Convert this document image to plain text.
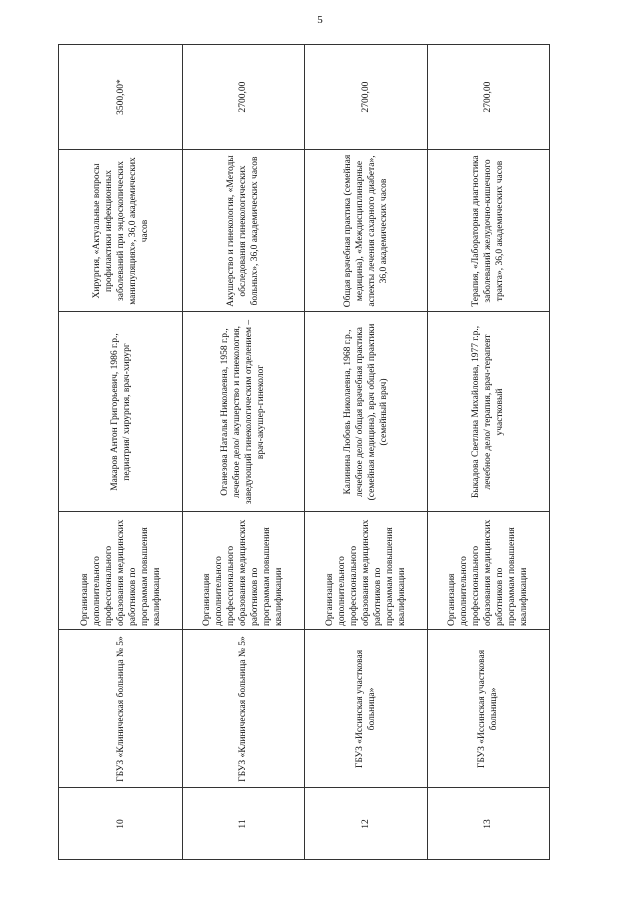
5
3500,00*
Хирургия, «Актуальные вопросы профилактики инфекционных заболеваний при эндоскопических манипуляциях», 36,0 академических часов
Макаров Антон Григорьевич, 1986 г.р., педиатрия/ хирургия, врач-хирург
Организация дополнительного профессионального образования медицинских работников по программам повышения квалификации
ГБУЗ «Клиническая больница № 5»
10
2700,00
Акушерство и гинекология, «Методы обследования гинекологических больных», 36,0 академических часов
Оганезова Наталья Николаевна, 1958 г.р., лечебное дело/ акушерство и гинекология, заведующий гинекологическим отделением – врач-акушер-гинеколог
Организация дополнительного профессионального образования медицинских работников по программам повышения квалификации
ГБУЗ «Клиническая больница № 5»
11
2700,00
Общая врачебная практика (семейная медицина), «Междисциплинарные аспекты лечения сахарного диабета», 36,0 академических часов
Калинина Любовь Николаевна, 1968 г.р., лечебное дело/ общая врачебная практика (семейная медицина), врач общей практики (семейный врач)
Организация дополнительного профессионального образования медицинских работников по программам повышения квалификации
ГБУЗ «Иссинская участковая больница»
12
2700,00
Терапия, «Лабораторная диагностика заболеваний желудочно-кишечного тракта», 36,0 академических часов
Быкадова Светлана Михайловна, 1977 г.р., лечебное дело/ терапия, врач-терапевт участковый
Организация дополнительного профессионального образования медицинских работников по программам повышения квалификации
ГБУЗ «Иссинская участковая больница»
13
